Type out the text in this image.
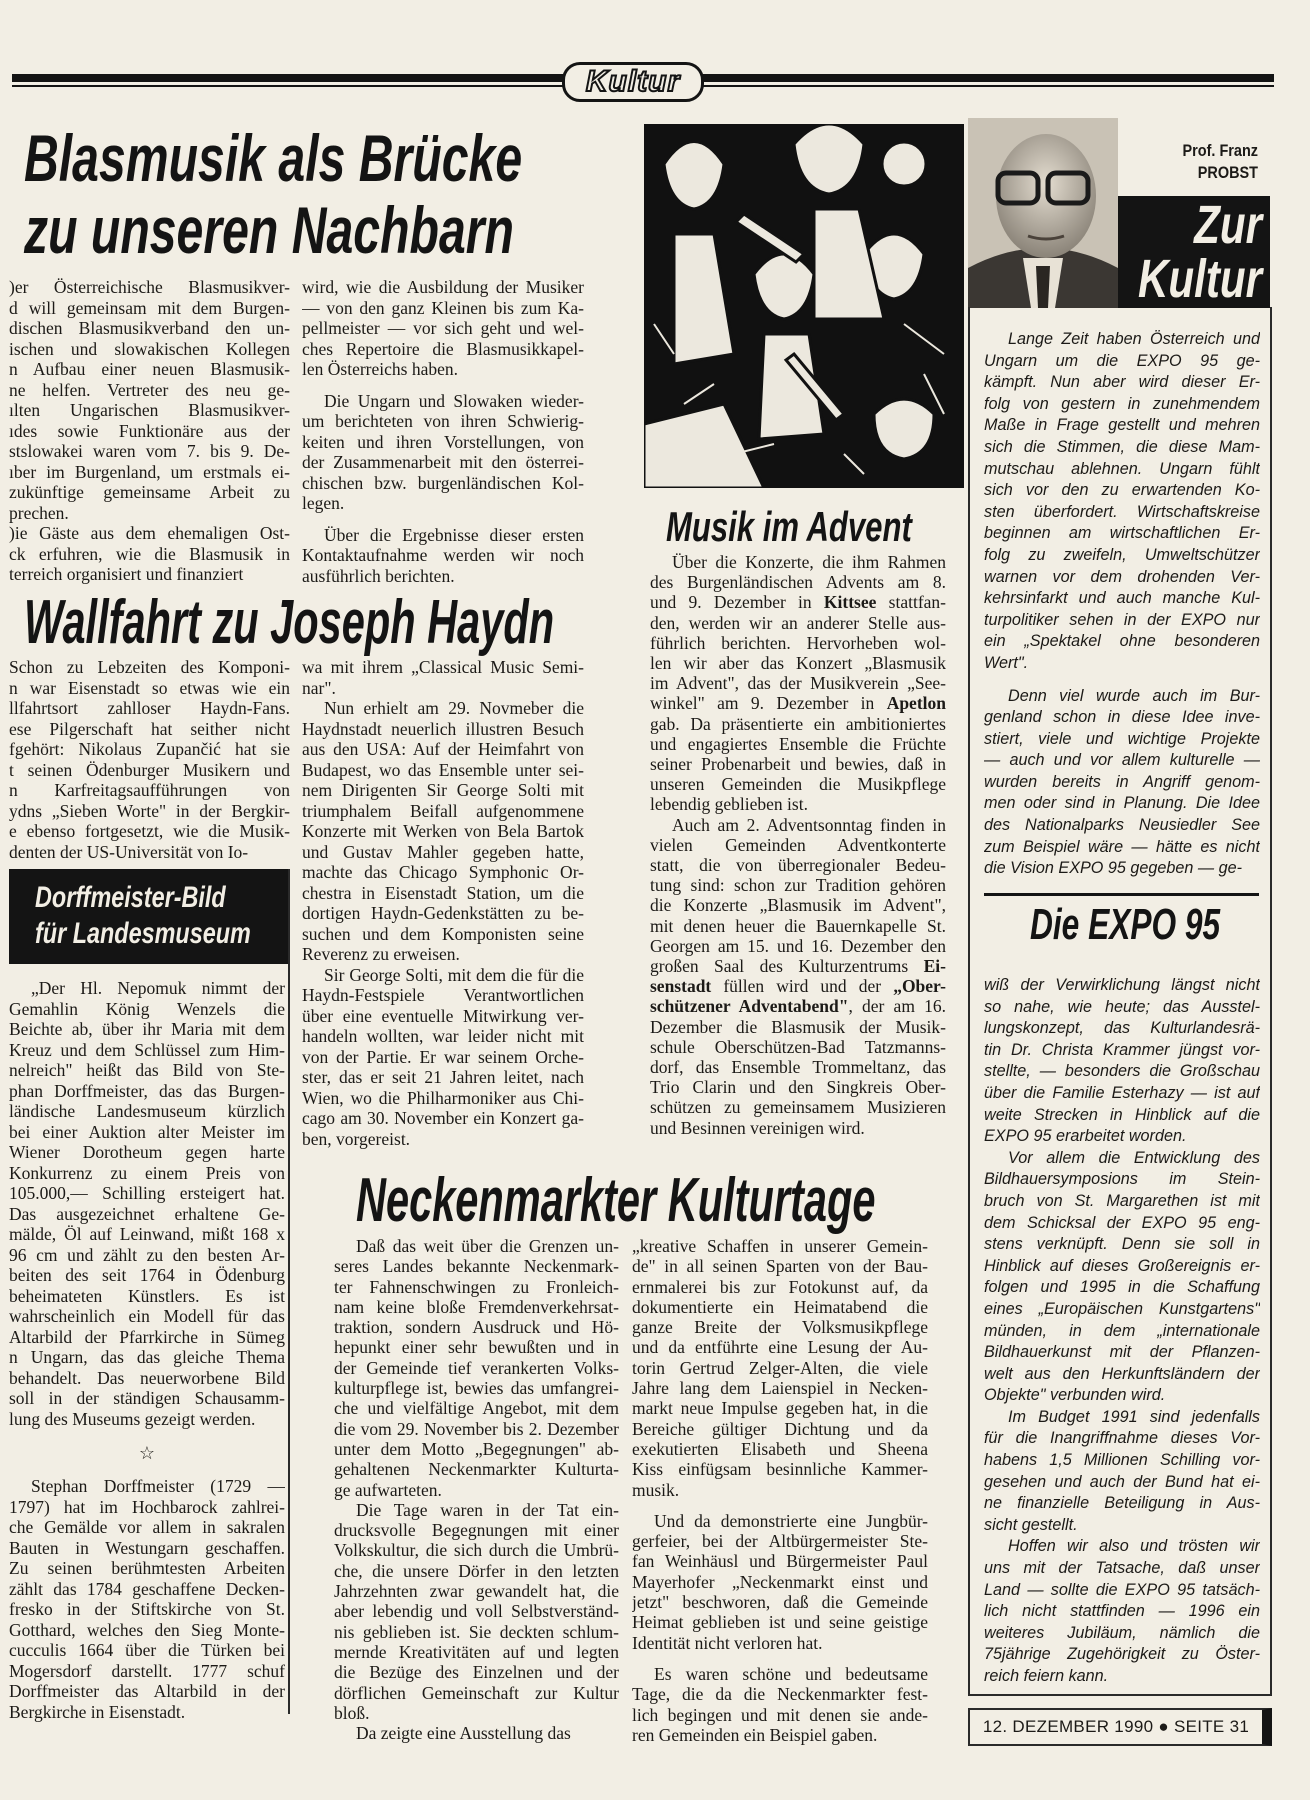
Kultur
Blasmusik als Brücke
zu unseren Nachbarn
)er Österreichische Blasmusikver-
d will gemeinsam mit dem Burgen-
dischen Blasmusikverband den un-
ischen und slowakischen Kollegen
n Aufbau einer neuen Blasmusik-
ne helfen. Vertreter des neu ge-
ılten Ungarischen Blasmusikver-
ıdes sowie Funktionäre aus der
stslowakei waren vom 7. bis 9. De-
ıber im Burgenland, um erstmals ei-
zukünftige gemeinsame Arbeit zu
prechen.
)ie Gäste aus dem ehemaligen Ost-
ck erfuhren, wie die Blasmusik in
terreich organisiert und finanziert
wird, wie die Ausbildung der Musiker
— von den ganz Kleinen bis zum Ka-
pellmeister — vor sich geht und wel-
ches Repertoire die Blasmusikkapel-
len Österreichs haben.
Die Ungarn und Slowaken wieder-
um berichteten von ihren Schwierig-
keiten und ihren Vorstellungen, von
der Zusammenarbeit mit den österrei-
chischen bzw. burgenländischen Kol-
legen.
Über die Ergebnisse dieser ersten
Kontaktaufnahme werden wir noch
ausführlich berichten.
Wallfahrt zu Joseph Haydn
Schon zu Lebzeiten des Komponi-
n war Eisenstadt so etwas wie ein
llfahrtsort zahlloser Haydn-Fans.
ese Pilgerschaft hat seither nicht
fgehört: Nikolaus Zupančić hat sie
t seinen Ödenburger Musikern und
n Karfreitagsaufführungen von
ydns „Sieben Worte" in der Bergkir-
e ebenso fortgesetzt, wie die Musik-
denten der US-Universität von Io-
wa mit ihrem „Classical Music Semi-
nar".
Nun erhielt am 29. Novmeber die
Haydnstadt neuerlich illustren Besuch
aus den USA: Auf der Heimfahrt von
Budapest, wo das Ensemble unter sei-
nem Dirigenten Sir George Solti mit
triumphalem Beifall aufgenommene
Konzerte mit Werken von Bela Bartok
und Gustav Mahler gegeben hatte,
machte das Chicago Symphonic Or-
chestra in Eisenstadt Station, um die
dortigen Haydn-Gedenkstätten zu be-
suchen und dem Komponisten seine
Reverenz zu erweisen.
Sir George Solti, mit dem die für die
Haydn-Festspiele Verantwortlichen
über eine eventuelle Mitwirkung ver-
handeln wollten, war leider nicht mit
von der Partie. Er war seinem Orche-
ster, das er seit 21 Jahren leitet, nach
Wien, wo die Philharmoniker aus Chi-
cago am 30. November ein Konzert ga-
ben, vorgereist.
Dorffmeister-Bild
für Landesmuseum
„Der Hl. Nepomuk nimmt der
Gemahlin König Wenzels die
Beichte ab, über ihr Maria mit dem
Kreuz und dem Schlüssel zum Him-
nelreich" heißt das Bild von Ste-
phan Dorffmeister, das das Burgen-
ländische Landesmuseum kürzlich
bei einer Auktion alter Meister im
Wiener Dorotheum gegen harte
Konkurrenz zu einem Preis von
105.000,— Schilling ersteigert hat.
Das ausgezeichnet erhaltene Ge-
mälde, Öl auf Leinwand, mißt 168 x
96 cm und zählt zu den besten Ar-
beiten des seit 1764 in Ödenburg
beheimateten Künstlers. Es ist
wahrscheinlich ein Modell für das
Altarbild der Pfarrkirche in Sümeg
n Ungarn, das das gleiche Thema
behandelt. Das neuerworbene Bild
soll in der ständigen Schausamm-
lung des Museums gezeigt werden.
☆
Stephan Dorffmeister (1729 —
1797) hat im Hochbarock zahlrei-
che Gemälde vor allem in sakralen
Bauten in Westungarn geschaffen.
Zu seinen berühmtesten Arbeiten
zählt das 1784 geschaffene Decken-
fresko in der Stiftskirche von St.
Gotthard, welches den Sieg Monte-
cucculis 1664 über die Türken bei
Mogersdorf darstellt. 1777 schuf
Dorffmeister das Altarbild in der
Bergkirche in Eisenstadt.
Musik im Advent
Über die Konzerte, die ihm Rahmen
des Burgenländischen Advents am 8.
und 9. Dezember in Kittsee stattfan-
den, werden wir an anderer Stelle aus-
führlich berichten. Hervorheben wol-
len wir aber das Konzert „Blasmusik
im Advent", das der Musikverein „See-
winkel" am 9. Dezember in Apetlon
gab. Da präsentierte ein ambitioniertes
und engagiertes Ensemble die Früchte
seiner Probenarbeit und bewies, daß in
unseren Gemeinden die Musikpflege
lebendig geblieben ist.
Auch am 2. Adventsonntag finden in
vielen Gemeinden Adventkonterte
statt, die von überregionaler Bedeu-
tung sind: schon zur Tradition gehören
die Konzerte „Blasmusik im Advent",
mit denen heuer die Bauernkapelle St.
Georgen am 15. und 16. Dezember den
großen Saal des Kulturzentrums Ei-
senstadt füllen wird und der „Ober-
schützener Adventabend", der am 16.
Dezember die Blasmusik der Musik-
schule Oberschützen-Bad Tatzmanns-
dorf, das Ensemble Trommeltanz, das
Trio Clarin und den Singkreis Ober-
schützen zu gemeinsamem Musizieren
und Besinnen vereinigen wird.
Neckenmarkter Kulturtage
Daß das weit über die Grenzen un-
seres Landes bekannte Neckenmark-
ter Fahnenschwingen zu Fronleich-
nam keine bloße Fremdenverkehrsat-
traktion, sondern Ausdruck und Hö-
hepunkt einer sehr bewußten und in
der Gemeinde tief verankerten Volks-
kulturpflege ist, bewies das umfangrei-
che und vielfältige Angebot, mit dem
die vom 29. November bis 2. Dezember
unter dem Motto „Begegnungen" ab-
gehaltenen Neckenmarkter Kulturta-
ge aufwarteten.
Die Tage waren in der Tat ein-
drucksvolle Begegnungen mit einer
Volkskultur, die sich durch die Umbrü-
che, die unsere Dörfer in den letzten
Jahrzehnten zwar gewandelt hat, die
aber lebendig und voll Selbstverständ-
nis geblieben ist. Sie deckten schlum-
mernde Kreativitäten auf und legten
die Bezüge des Einzelnen und der
dörflichen Gemeinschaft zur Kultur
bloß.
Da zeigte eine Ausstellung das
„kreative Schaffen in unserer Gemein-
de" in all seinen Sparten von der Bau-
ernmalerei bis zur Fotokunst auf, da
dokumentierte ein Heimatabend die
ganze Breite der Volksmusikpflege
und da entführte eine Lesung der Au-
torin Gertrud Zelger-Alten, die viele
Jahre lang dem Laienspiel in Necken-
markt neue Impulse gegeben hat, in die
Bereiche gültiger Dichtung und da
exekutierten Elisabeth und Sheena
Kiss einfügsam besinnliche Kammer-
musik.
Und da demonstrierte eine Jungbür-
gerfeier, bei der Altbürgermeister Ste-
fan Weinhäusl und Bürgermeister Paul
Mayerhofer „Neckenmarkt einst und
jetzt" beschworen, daß die Gemeinde
Heimat geblieben ist und seine geistige
Identität nicht verloren hat.
Es waren schöne und bedeutsame
Tage, die da die Neckenmarkter fest-
lich begingen und mit denen sie ande-
ren Gemeinden ein Beispiel gaben.
Prof. Franz
PROBST
Zur
Kultur
Lange Zeit haben Österreich und
Ungarn um die EXPO 95 ge-
kämpft. Nun aber wird dieser Er-
folg von gestern in zunehmendem
Maße in Frage gestellt und mehren
sich die Stimmen, die diese Mam-
mutschau ablehnen. Ungarn fühlt
sich vor den zu erwartenden Ko-
sten überfordert. Wirtschaftskreise
beginnen am wirtschaftlichen Er-
folg zu zweifeln, Umweltschützer
warnen vor dem drohenden Ver-
kehrsinfarkt und auch manche Kul-
turpolitiker sehen in der EXPO nur
ein „Spektakel ohne besonderen
Wert".
Denn viel wurde auch im Bur-
genland schon in diese Idee inve-
stiert, viele und wichtige Projekte
— auch und vor allem kulturelle —
wurden bereits in Angriff genom-
men oder sind in Planung. Die Idee
des Nationalparks Neusiedler See
zum Beispiel wäre — hätte es nicht
die Vision EXPO 95 gegeben — ge-
Die EXPO 95
wiß der Verwirklichung längst nicht
so nahe, wie heute; das Ausstel-
lungskonzept, das Kulturlandesrä-
tin Dr. Christa Krammer jüngst vor-
stellte, — besonders die Großschau
über die Familie Esterhazy — ist auf
weite Strecken in Hinblick auf die
EXPO 95 erarbeitet worden.
Vor allem die Entwicklung des
Bildhauersymposions im Stein-
bruch von St. Margarethen ist mit
dem Schicksal der EXPO 95 eng-
stens verknüpft. Denn sie soll in
Hinblick auf dieses Großereignis er-
folgen und 1995 in die Schaffung
eines „Europäischen Kunstgartens"
münden, in dem „internationale
Bildhauerkunst mit der Pflanzen-
welt aus den Herkunftsländern der
Objekte" verbunden wird.
Im Budget 1991 sind jedenfalls
für die Inangriffnahme dieses Vor-
habens 1,5 Millionen Schilling vor-
gesehen und auch der Bund hat ei-
ne finanzielle Beteiligung in Aus-
sicht gestellt.
Hoffen wir also und trösten wir
uns mit der Tatsache, daß unser
Land — sollte die EXPO 95 tatsäch-
lich nicht stattfinden — 1996 ein
weiteres Jubiläum, nämlich die
75jährige Zugehörigkeit zu Öster-
reich feiern kann.
12. DEZEMBER 1990 ● SEITE 31
